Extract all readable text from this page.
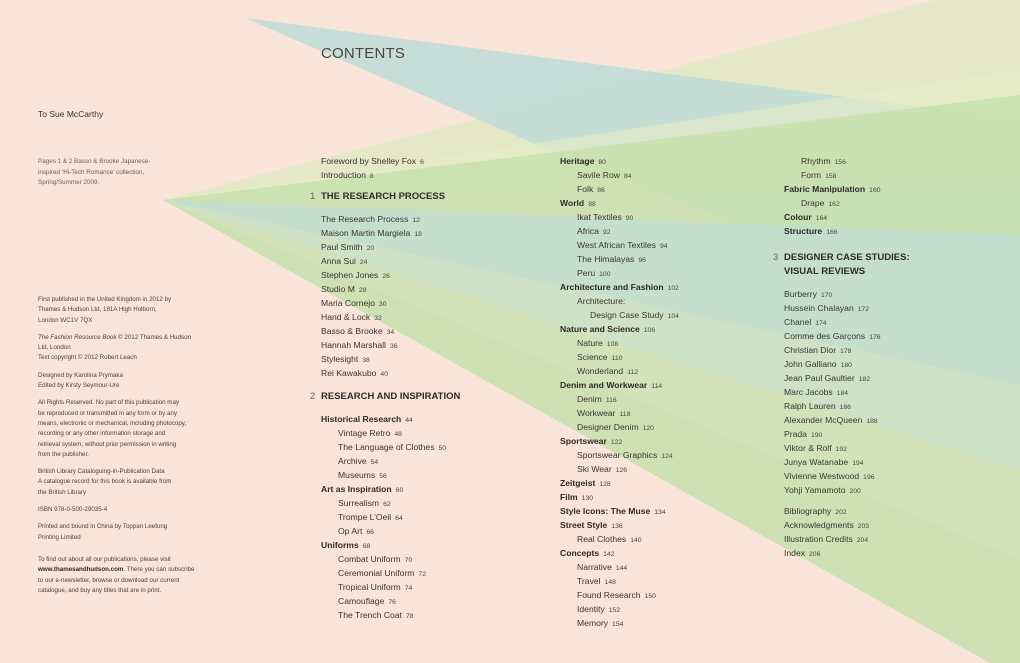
To Sue McCarthy
Pages 1 & 2 Basso & Brooke Japanese-
inspired ‘Hi-Tech Romance’ collection,
Spring/Summer 2009.
First published in the United Kingdom in 2012 by
Thames & Hudson Ltd, 181A High Holborn,
London WC1V 7QX
The Fashion Resource Book © 2012 Thames & Hudson
Ltd, London
Text copyright © 2012 Robert Leach
Designed by Karolina Prymaka
Edited by Kirsty Seymour-Ure
All Rights Reserved. No part of this publication may
be reproduced or transmitted in any form or by any
means, electronic or mechanical, including photocopy,
recording or any other information storage and
retrieval system, without prior permission in writing
from the publisher.
British Library Cataloguing-in-Publication Data
A catalogue record for this book is available from
the British Library
ISBN 978-0-500-29035-4
Printed and bound in China by Toppan Leefung
Printing Limited
To find out about all our publications, please visit
www.thamesandhudson.com. There you can subscribe
to our e-newsletter, browse or download our current
catalogue, and buy any titles that are in print.
CONTENTS
Foreword by Shelley Fox 6
Introduction 8
1 THE RESEARCH PROCESS
The Research Process 12
Maison Martin Margiela 18
Paul Smith 20
Anna Sui 24
Stephen Jones 26
Studio M 28
Maria Cornejo 30
Hand & Lock 32
Basso & Brooke 34
Hannah Marshall 36
Stylesight 38
Rei Kawakubo 40
2 RESEARCH AND INSPIRATION
Historical Research 44
Vintage Retro 48
The Language of Clothes 50
Archive 54
Museums 56
Art as Inspiration 60
Surrealism 62
Trompe L’Oeil 64
Op Art 66
Uniforms 68
Combat Uniform 70
Ceremonial Uniform 72
Tropical Uniform 74
Camouflage 76
The Trench Coat 78
Heritage 80
Savile Row 84
Folk 86
World 88
Ikat Textiles 90
Africa 92
West African Textiles 94
The Himalayas 96
Peru 100
Architecture and Fashion 102
Architecture:
Design Case Study 104
Nature and Science 106
Nature 108
Science 110
Wonderland 112
Denim and Workwear 114
Denim 116
Workwear 118
Designer Denim 120
Sportswear 122
Sportswear Graphics 124
Ski Wear 126
Zeitgeist 128
Film 130
Style Icons: The Muse 134
Street Style 136
Real Clothes 140
Concepts 142
Narrative 144
Travel 148
Found Research 150
Identity 152
Memory 154
Rhythm 156
Form 158
Fabric Manipulation 160
Drape 162
Colour 164
Structure 166
3 DESIGNER CASE STUDIES:
VISUAL REVIEWS
Burberry 170
Hussein Chalayan 172
Chanel 174
Comme des Garçons 176
Christian Dior 178
John Galliano 180
Jean Paul Gaultier 182
Marc Jacobs 184
Ralph Lauren 186
Alexander McQueen 188
Prada 190
Viktor & Rolf 192
Junya Watanabe 194
Vivienne Westwood 196
Yohji Yamamoto 200
Bibliography 202
Acknowledgments 203
Illustration Credits 204
Index 206
